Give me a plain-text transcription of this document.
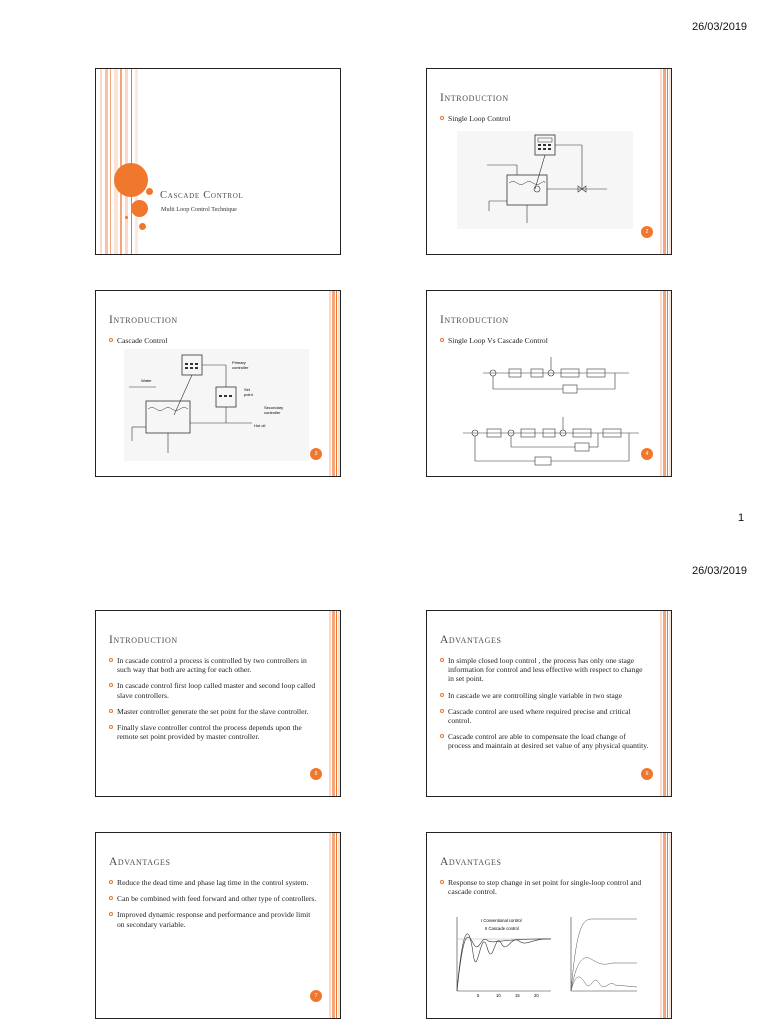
26/03/2019
1
Cascade Control
Multi Loop Control Technique
Introduction
Single Loop Control
2
Introduction
Cascade Control
Primary
controller
Set
point
Secondary
controller
Water
Hot oil
3
Introduction
Single Loop Vs Cascade Control
4
26/03/2019
Introduction
In cascade control a process is controlled by two controllers in such way that both are acting for each other.
In cascade control first loop called master and second loop called slave controllers.
Master controller generate the set point for the slave controller.
Finally slave controller control the process depends upon the remote set point provided by master controller.
5
Advantages
In simple closed loop control , the process has only one stage information for control and less effective with respect to change in set point.
In cascade we are controlling single variable in two stage
Cascade control are used where required precise and critical control.
Cascade control are able to compensate the load change of process and maintain at desired set value of any physical quantity.
6
Advantages
Reduce the dead time and phase lag time in the control system.
Can be combined with feed forward and other type of controllers.
Improved dynamic response and performance and provide limit on secondary variable.
7
Advantages
Response to step change in set point for single-loop control and cascade control.
I Conventional control
II Cascade control
5	10	15	20
